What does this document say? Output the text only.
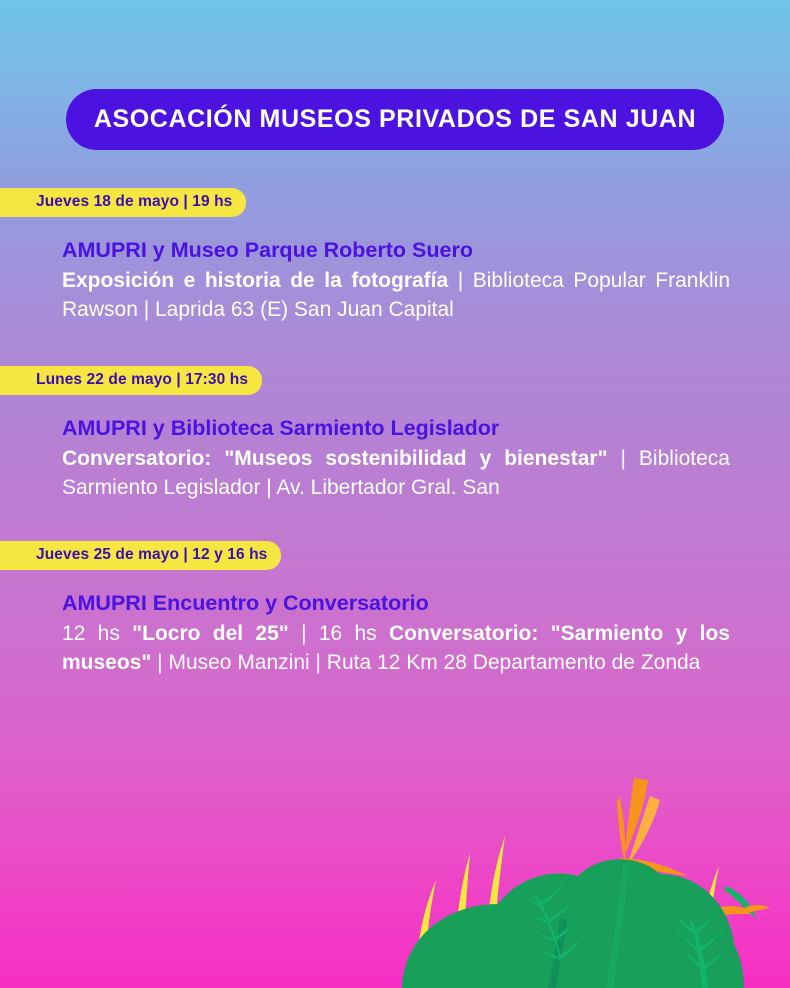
ASOCACIÓN MUSEOS PRIVADOS DE SAN JUAN
Jueves 18 de mayo | 19 hs
AMUPRI y Museo Parque Roberto Suero
Exposición e historia de la fotografía | Biblioteca Popular Franklin Rawson | Laprida 63 (E) San Juan Capital
Lunes 22 de mayo | 17:30 hs
AMUPRI y Biblioteca Sarmiento Legislador
Conversatorio: "Museos sostenibilidad y bienestar" | Biblioteca Sarmiento Legislador | Av. Libertador Gral. San
Jueves 25 de mayo | 12 y 16 hs
AMUPRI Encuentro y Conversatorio
12 hs "Locro del 25" | 16 hs Conversatorio: "Sarmiento y los museos" | Museo Manzini | Ruta 12 Km 28 Departamento de Zonda
